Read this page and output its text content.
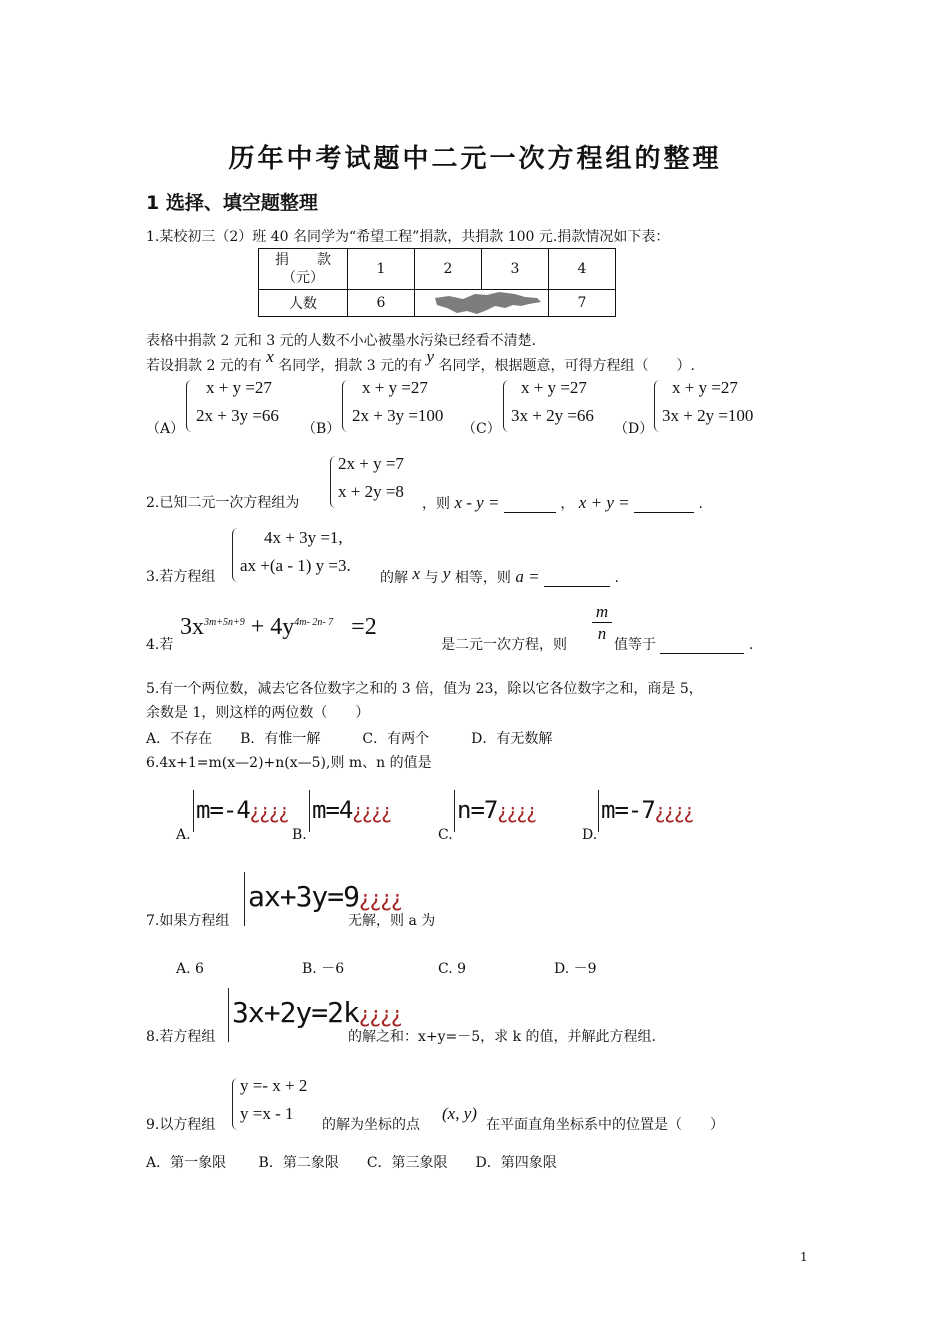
历年中考试题中二元一次方程组的整理
1 选择、填空题整理
1.某校初三（2）班 40 名同学为“希望工程”捐款，共捐款 100 元.捐款情况如下表：
捐　　款
（元）	1	2	3	4
人数	6			7
表格中捐款 2 元和 3 元的人数不小心被墨水污染已经看不清楚.
若设捐款 2 元的有 x 名同学，捐款 3 元的有 y 名同学，根据题意，可得方程组（　　）.
（A）
x + y =27
2x + 3y =66
（B）
x + y =27
2x + 3y =100
（C）
x + y =27
3x + 2y =66
（D）
x + y =27
3x + 2y =100
2.已知二元一次方程组为
2x + y =7
x + 2y =8
，则 x - y =	， x + y =	.
3.若方程组
4x + 3y =1,
ax +(a - 1) y =3.
的解 x 与 y 相等，则 a =	.
4.若
$3x^{3m+5n+9} + 4y^{4m- 2n- 7} =2$
是二元一次方程，则
m
n
值等于	.
5.有一个两位数，减去它各位数字之和的 3 倍，值为 23，除以它各位数字之和，商是 5，
余数是 1，则这样的两位数（　　）
A．不存在　　B．有惟一解　　　C．有两个　　　D．有无数解
6.4x+1=m(x—2)+n(x—5),则 m、n 的值是
A.
m=-4¿¿¿¿
B.
m=4¿¿¿¿
C.
n=7¿¿¿¿
D.
m=-7¿¿¿¿
7.如果方程组
ax+3y=9¿¿¿¿
无解，则 a 为
A. 6	B. －6	C. 9	D. －9
8.若方程组
3x+2y=2k¿¿¿¿
的解之和：x+y=－5，求 k 的值，并解此方程组.
9.以方程组
y =- x + 2
y =x - 1
的解为坐标的点
(x, y)
在平面直角坐标系中的位置是（　　）
A．第一象限　　 B．第二象限　　C．第三象限　　D．第四象限
1
